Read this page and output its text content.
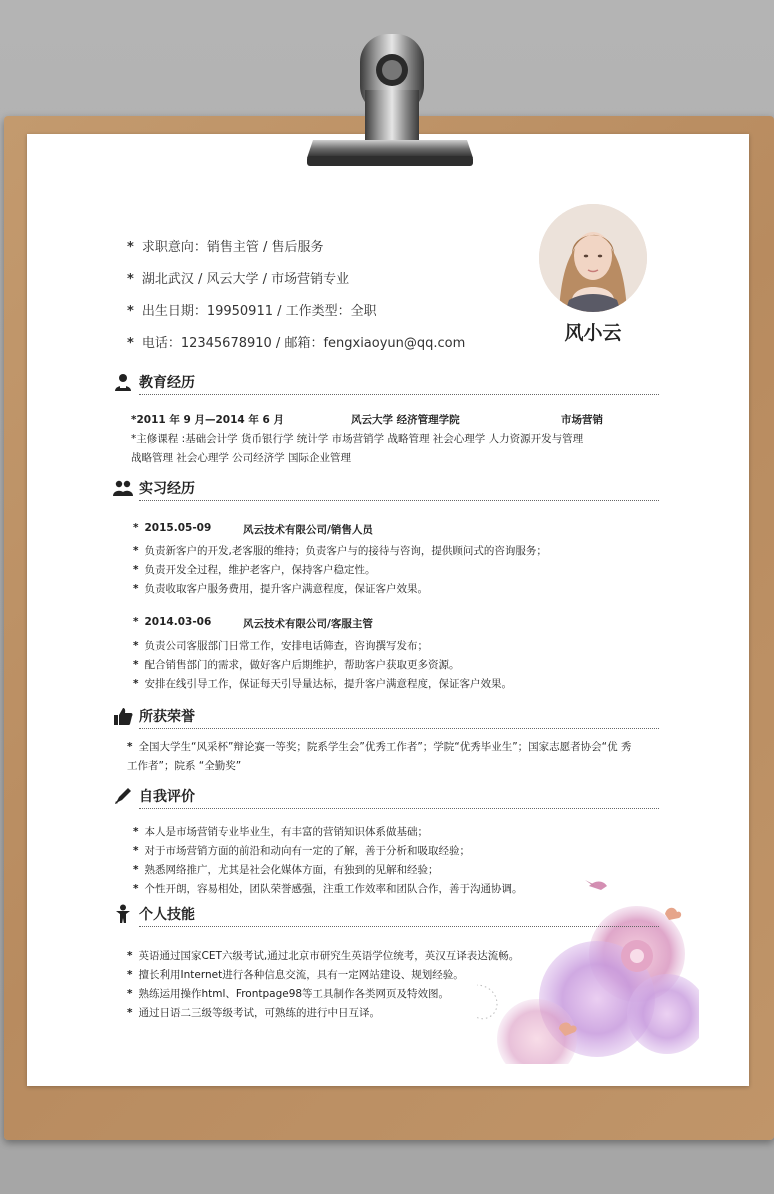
* 求职意向：销售主管 / 售后服务
* 湖北武汉 / 风云大学 / 市场营销专业
* 出生日期：19950911 / 工作类型：全职
* 电话：12345678910 / 邮箱：fengxiaoyun@qq.com	风小云
教育经历
*2011 年 9 月—2014 年 6 月	风云大学 经济管理学院	市场营销
*主修课程 :基础会计学 货币银行学 统计学 市场营销学 战略管理 社会心理学 人力资源开发与管理
战略管理 社会心理学 公司经济学 国际企业管理
实习经历
* 2015.05-09	风云技术有限公司/销售人员
* 负责新客户的开发,老客服的维持；负责客户与的接待与咨询，提供顾问式的咨询服务；
* 负责开发全过程，维护老客户，保持客户稳定性。
* 负责收取客户服务费用，提升客户满意程度，保证客户效果。
* 2014.03-06	风云技术有限公司/客服主管
* 负责公司客服部门日常工作，安排电话筛查，咨询撰写发布；
* 配合销售部门的需求，做好客户后期维护，帮助客户获取更多资源。
* 安排在线引导工作，保证每天引导量达标，提升客户满意程度，保证客户效果。
所获荣誉
* 全国大学生“风采杯”辩论赛一等奖；院系学生会”优秀工作者”；学院“优秀毕业生”；国家志愿者协会“优 秀
工作者”；院系 “全勤奖”
自我评价
* 本人是市场营销专业毕业生，有丰富的营销知识体系做基础；
* 对于市场营销方面的前沿和动向有一定的了解，善于分析和吸取经验；
* 熟悉网络推广，尤其是社会化媒体方面，有独到的见解和经验；
* 个性开朗，容易相处，团队荣誉感强，注重工作效率和团队合作，善于沟通协调。
个人技能
* 英语通过国家CET六级考试,通过北京市研究生英语学位统考，英汉互译表达流畅。
* 擅长利用Internet进行各种信息交流，具有一定网站建设、规划经验。
* 熟练运用操作html、Frontpage98等工具制作各类网页及特效图。
* 通过日语二三级等级考试，可熟练的进行中日互译。
